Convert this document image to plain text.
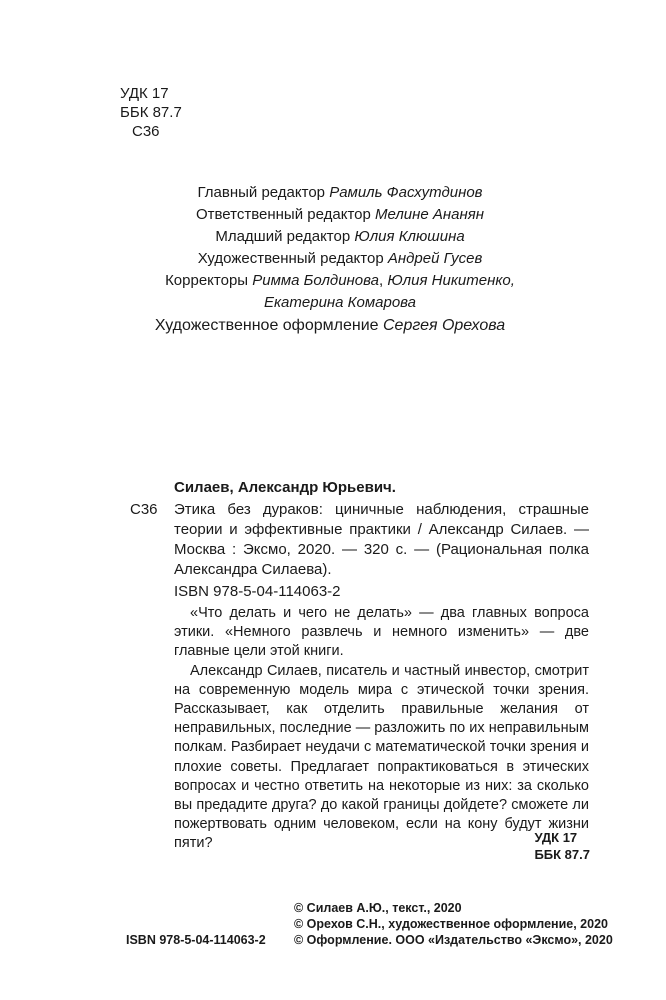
УДК 17
ББК 87.7
С36
Главный редактор Рамиль Фасхутдинов
Ответственный редактор Мелине Ананян
Младший редактор Юлия Клюшина
Художественный редактор Андрей Гусев
Корректоры Римма Болдинова, Юлия Никитенко,
Екатерина Комарова
Художественное оформление Сергея Орехова
Силаев, Александр Юрьевич.
С36 Этика без дураков: циничные наблюдения, страшные теории и эффективные практики / Александр Силаев. — Москва : Эксмо, 2020. — 320 с. — (Рациональная полка Александра Силаева).
ISBN 978-5-04-114063-2

«Что делать и чего не делать» — два главных вопроса этики. «Немного развлечь и немного изменить» — две главные цели этой книги.

Александр Силаев, писатель и частный инвестор, смотрит на современную модель мира с этической точки зрения. Рассказывает, как отделить правильные желания от неправильных, последние — разложить по их неправильным полкам. Разбирает неудачи с математической точки зрения и плохие советы. Предлагает попрактиковаться в этических вопросах и честно ответить на некоторые из них: за сколько вы предадите друга? до какой границы дойдете? сможете ли пожертвовать одним человеком, если на кону будут жизни пяти?	УДК 17
ББК 87.7
© Силаев А.Ю., текст., 2020
© Орехов С.Н., художественное оформление, 2020
ISBN 978-5-04-114063-2 © Оформление. ООО «Издательство «Эксмо», 2020
